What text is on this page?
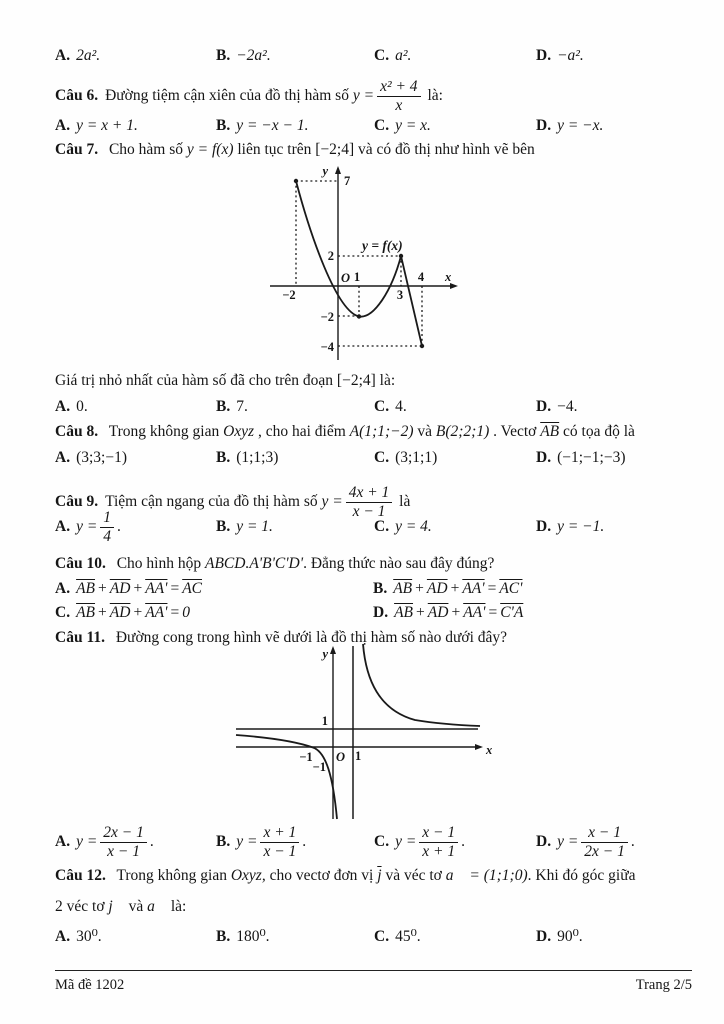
A. 2a².	B. −2a².	C. a².	D. −a².
Câu 6. Đường tiệm cận xiên của đồ thị hàm số
$y = \frac{\text{x² + 4}}{x}$
là:
A. y = x + 1.	B. y = −x − 1.	C. y = x.	D. y = −x.
Câu 7. Cho hàm số y = f(x) liên tục trên [−2;4] và có đồ thị như hình vẽ bên
y
x
O
7
2
−2
−4
−2
1
3
4
y = f(x)
Giá trị nhỏ nhất của hàm số đã cho trên đoạn [−2;4] là:
A. 0.	B. 7.	C. 4.	D. −4.
Câu 8. Trong không gian Oxyz , cho hai điểm A(1;1;−2) và B(2;2;1) . Vectơ $\overline{AB}$ có tọa độ là
A. (3;3;−1)	B. (1;1;3)	C. (3;1;1)	D. (−1;−1;−3)
Câu 9. Tiệm cận ngang của đồ thị hàm số
$y = \frac{4x + 1}{x - 1}$
là
A. $y = \frac{1}{4}$ .	B. y = 1.	C. y = 4.	D. y = −1.
Câu 10. Cho hình hộp ABCD.A'B'C'D'. Đẳng thức nào sau đây đúng?
A. $\overline{AB} + \overline{AD} + AA' = \overline{AC}$	B. $\overline{AB} + \overline{AD} + AA' = AC'$
C. $\overline{AB} + \overline{AD} + AA'$ = 0⃗	D. $\overline{AB} + \overline{AD} + AA' = C'A$
Câu 11. Đường cong trong hình vẽ dưới là đồ thị hàm số nào dưới đây?
y
x
O 1
−1
1
−1
A. $y = \frac{2x - 1}{x - 1}$ .	B. $y = \frac{x + 1}{x - 1}$ .	C. $y = \frac{x - 1}{x + 1}$ .	D. $y = \frac{x - 1}{2x - 1}$ .
Câu 12. Trong không gian Oxyz, cho vectơ đơn vị $\overline{j}$ và véc tơ a⃗ = (1;1;0). Khi đó góc giữa
2 véc tơ j⃗ và a⃗ là:
A. 30⁰.	B. 180⁰.	C. 45⁰.	D. 90⁰.
Mã đề 1202	Trang 2/5
